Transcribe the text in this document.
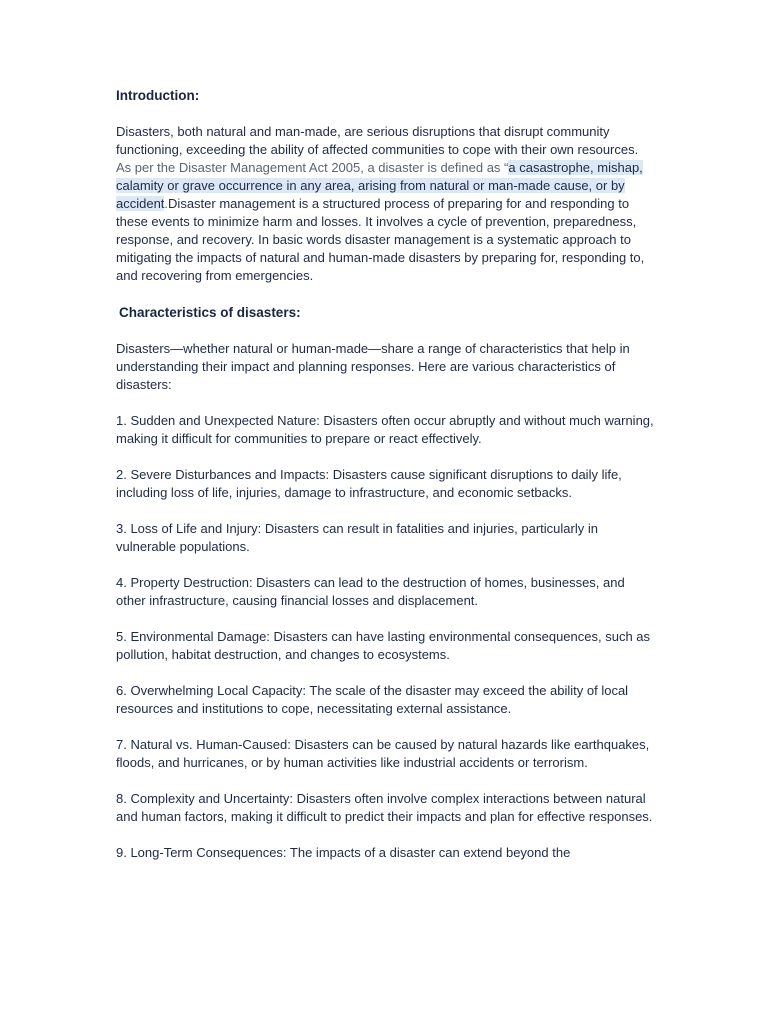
Introduction:

Disasters, both natural and man-made, are serious disruptions that disrupt community functioning, exceeding the ability of affected communities to cope with their own resources. As per the Disaster Management Act 2005, a disaster is defined as “a casastrophe, mishap, calamity or grave occurrence in any area, arising from natural or man-made cause, or by accident.Disaster management is a structured process of preparing for and responding to these events to minimize harm and losses. It involves a cycle of prevention, preparedness, response, and recovery. In basic words disaster management is a systematic approach to mitigating the impacts of natural and human-made disasters by preparing for, responding to, and recovering from emergencies.

Characteristics of disasters:

Disasters—whether natural or human-made—share a range of characteristics that help in understanding their impact and planning responses. Here are various characteristics of disasters:

1. Sudden and Unexpected Nature: Disasters often occur abruptly and without much warning, making it difficult for communities to prepare or react effectively.

2. Severe Disturbances and Impacts: Disasters cause significant disruptions to daily life, including loss of life, injuries, damage to infrastructure, and economic setbacks.

3. Loss of Life and Injury: Disasters can result in fatalities and injuries, particularly in vulnerable populations.

4. Property Destruction: Disasters can lead to the destruction of homes, businesses, and other infrastructure, causing financial losses and displacement.

5. Environmental Damage: Disasters can have lasting environmental consequences, such as pollution, habitat destruction, and changes to ecosystems.

6. Overwhelming Local Capacity: The scale of the disaster may exceed the ability of local resources and institutions to cope, necessitating external assistance.

7. Natural vs. Human-Caused: Disasters can be caused by natural hazards like earthquakes, floods, and hurricanes, or by human activities like industrial accidents or terrorism.

8. Complexity and Uncertainty: Disasters often involve complex interactions between natural and human factors, making it difficult to predict their impacts and plan for effective responses.

9. Long-Term Consequences: The impacts of a disaster can extend beyond the
